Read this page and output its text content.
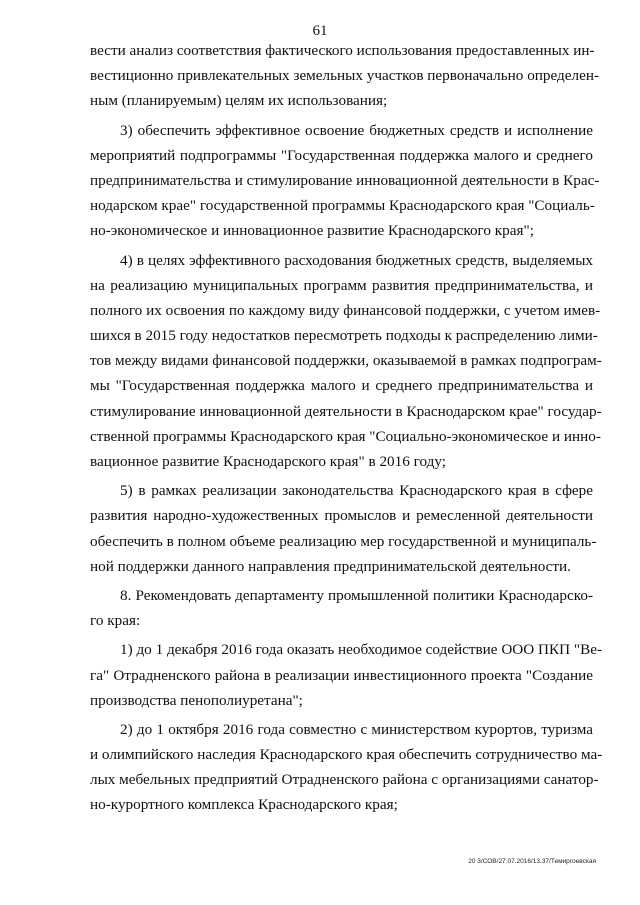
61
вести анализ соответствия фактического использования предоставленных ин-
вестиционно привлекательных земельных участков первоначально определен-
ным (планируемым) целям их использования;
3) обеспечить эффективное освоение бюджетных средств и исполнение
мероприятий подпрограммы "Государственная поддержка малого и среднего
предпринимательства и стимулирование инновационной деятельности в Крас-
нодарском крае" государственной программы Краснодарского края "Социаль-
но-экономическое и инновационное развитие Краснодарского края";
4) в целях эффективного расходования бюджетных средств, выделяемых
на реализацию муниципальных программ развития предпринимательства, и
полного их освоения по каждому виду финансовой поддержки, с учетом имев-
шихся в 2015 году недостатков пересмотреть подходы к распределению лими-
тов между видами финансовой поддержки, оказываемой в рамках подпрограм-
мы "Государственная поддержка малого и среднего предпринимательства и
стимулирование инновационной деятельности в Краснодарском крае" государ-
ственной программы Краснодарского края "Социально-экономическое и инно-
вационное развитие Краснодарского края" в 2016 году;
5) в рамках реализации законодательства Краснодарского края в сфере
развития народно-художественных промыслов и ремесленной деятельности
обеспечить в полном объеме реализацию мер государственной и муниципаль-
ной поддержки данного направления предпринимательской деятельности.
8. Рекомендовать департаменту промышленной политики Краснодарско-
го края:
1) до 1 декабря 2016 года оказать необходимое содействие ООО ПКП "Ве-
га" Отрадненского района в реализации инвестиционного проекта "Создание
производства пенополиуретана";
2) до 1 октября 2016 года совместно с министерством курортов, туризма
и олимпийского наследия Краснодарского края обеспечить сотрудничество ма-
лых мебельных предприятий Отрадненского района с организациями санатор-
но-курортного комплекса Краснодарского края;
20 3/СОВ/27.07.2016/13.37/Темиргоевская
